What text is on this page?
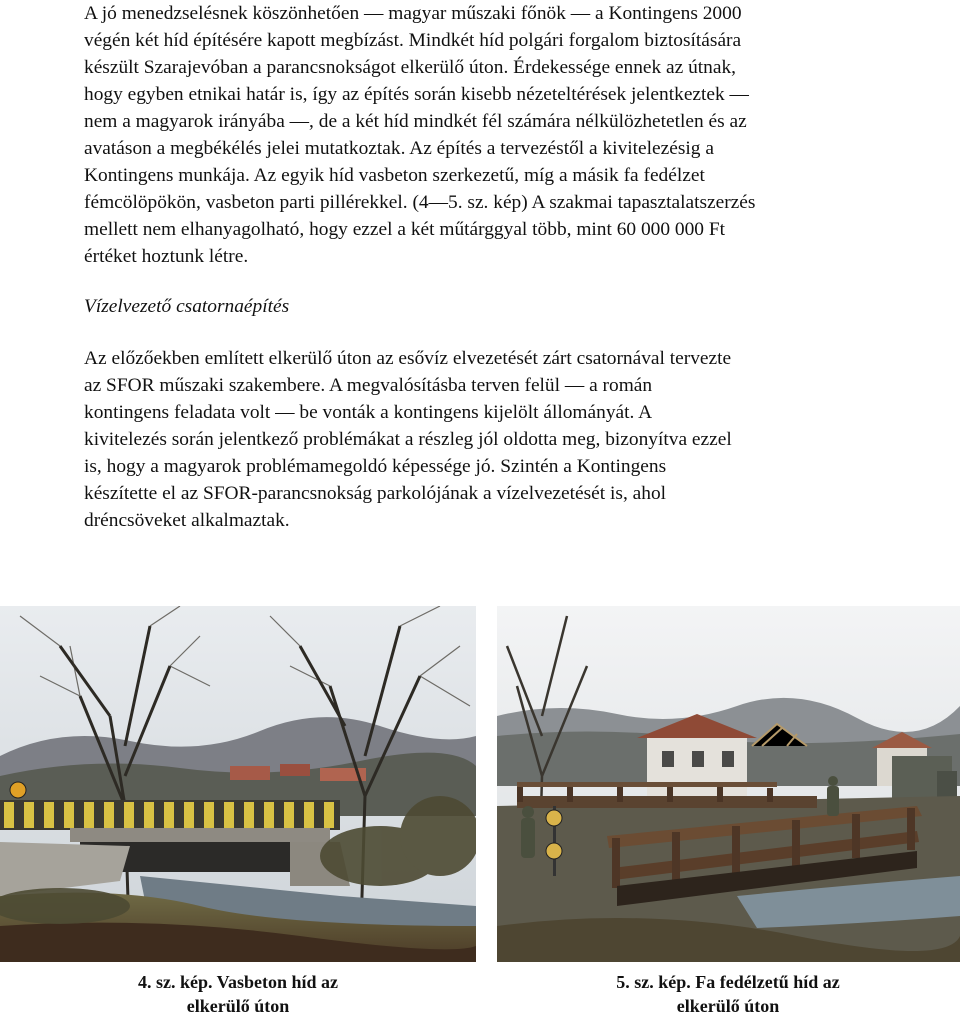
A jó menedzselésnek köszönhetően — magyar műszaki főnök — a Kontingens 2000
végén két híd építésére kapott megbízást. Mindkét híd polgári forgalom biztosítására
készült Szarajevóban a parancsnokságot elkerülő úton. Érdekessége ennek az útnak,
hogy egyben etnikai határ is, így az építés során kisebb nézeteltérések jelentkeztek —
nem a magyarok irányába —, de a két híd mindkét fél számára nélkülözhetetlen és az
avatáson a megbékélés jelei mutatkoztak. Az építés a tervezéstől a kivitelezésig a
Kontingens munkája. Az egyik híd vasbeton szerkezetű, míg a másik fa fedélzet
fémcölöpökön, vasbeton parti pillérekkel. (4—5. sz. kép) A szakmai tapasztalatszerzés
mellett nem elhanyagolható, hogy ezzel a két műtárggyal több, mint 60 000 000 Ft
értéket hoztunk létre.
Vízelvezető csatornaépítés
Az előzőekben említett elkerülő úton az esővíz elvezetését zárt csatornával tervezte
az SFOR műszaki szakembere. A megvalósításba terven felül — a román
kontingens feladata volt — be vonták a kontingens kijelölt állományát. A
kivitelezés során jelentkező problémákat a részleg jól oldotta meg, bizonyítva ezzel
is, hogy a magyarok problémamegoldó képessége jó. Szintén a Kontingens
készítette el az SFOR-parancsnokság parkolójának a vízelvezetését is, ahol
dréncsöveket alkalmaztak.
4. sz. kép. Vasbeton híd az
elkerülő úton
5. sz. kép. Fa fedélzetű híd az
elkerülő úton
